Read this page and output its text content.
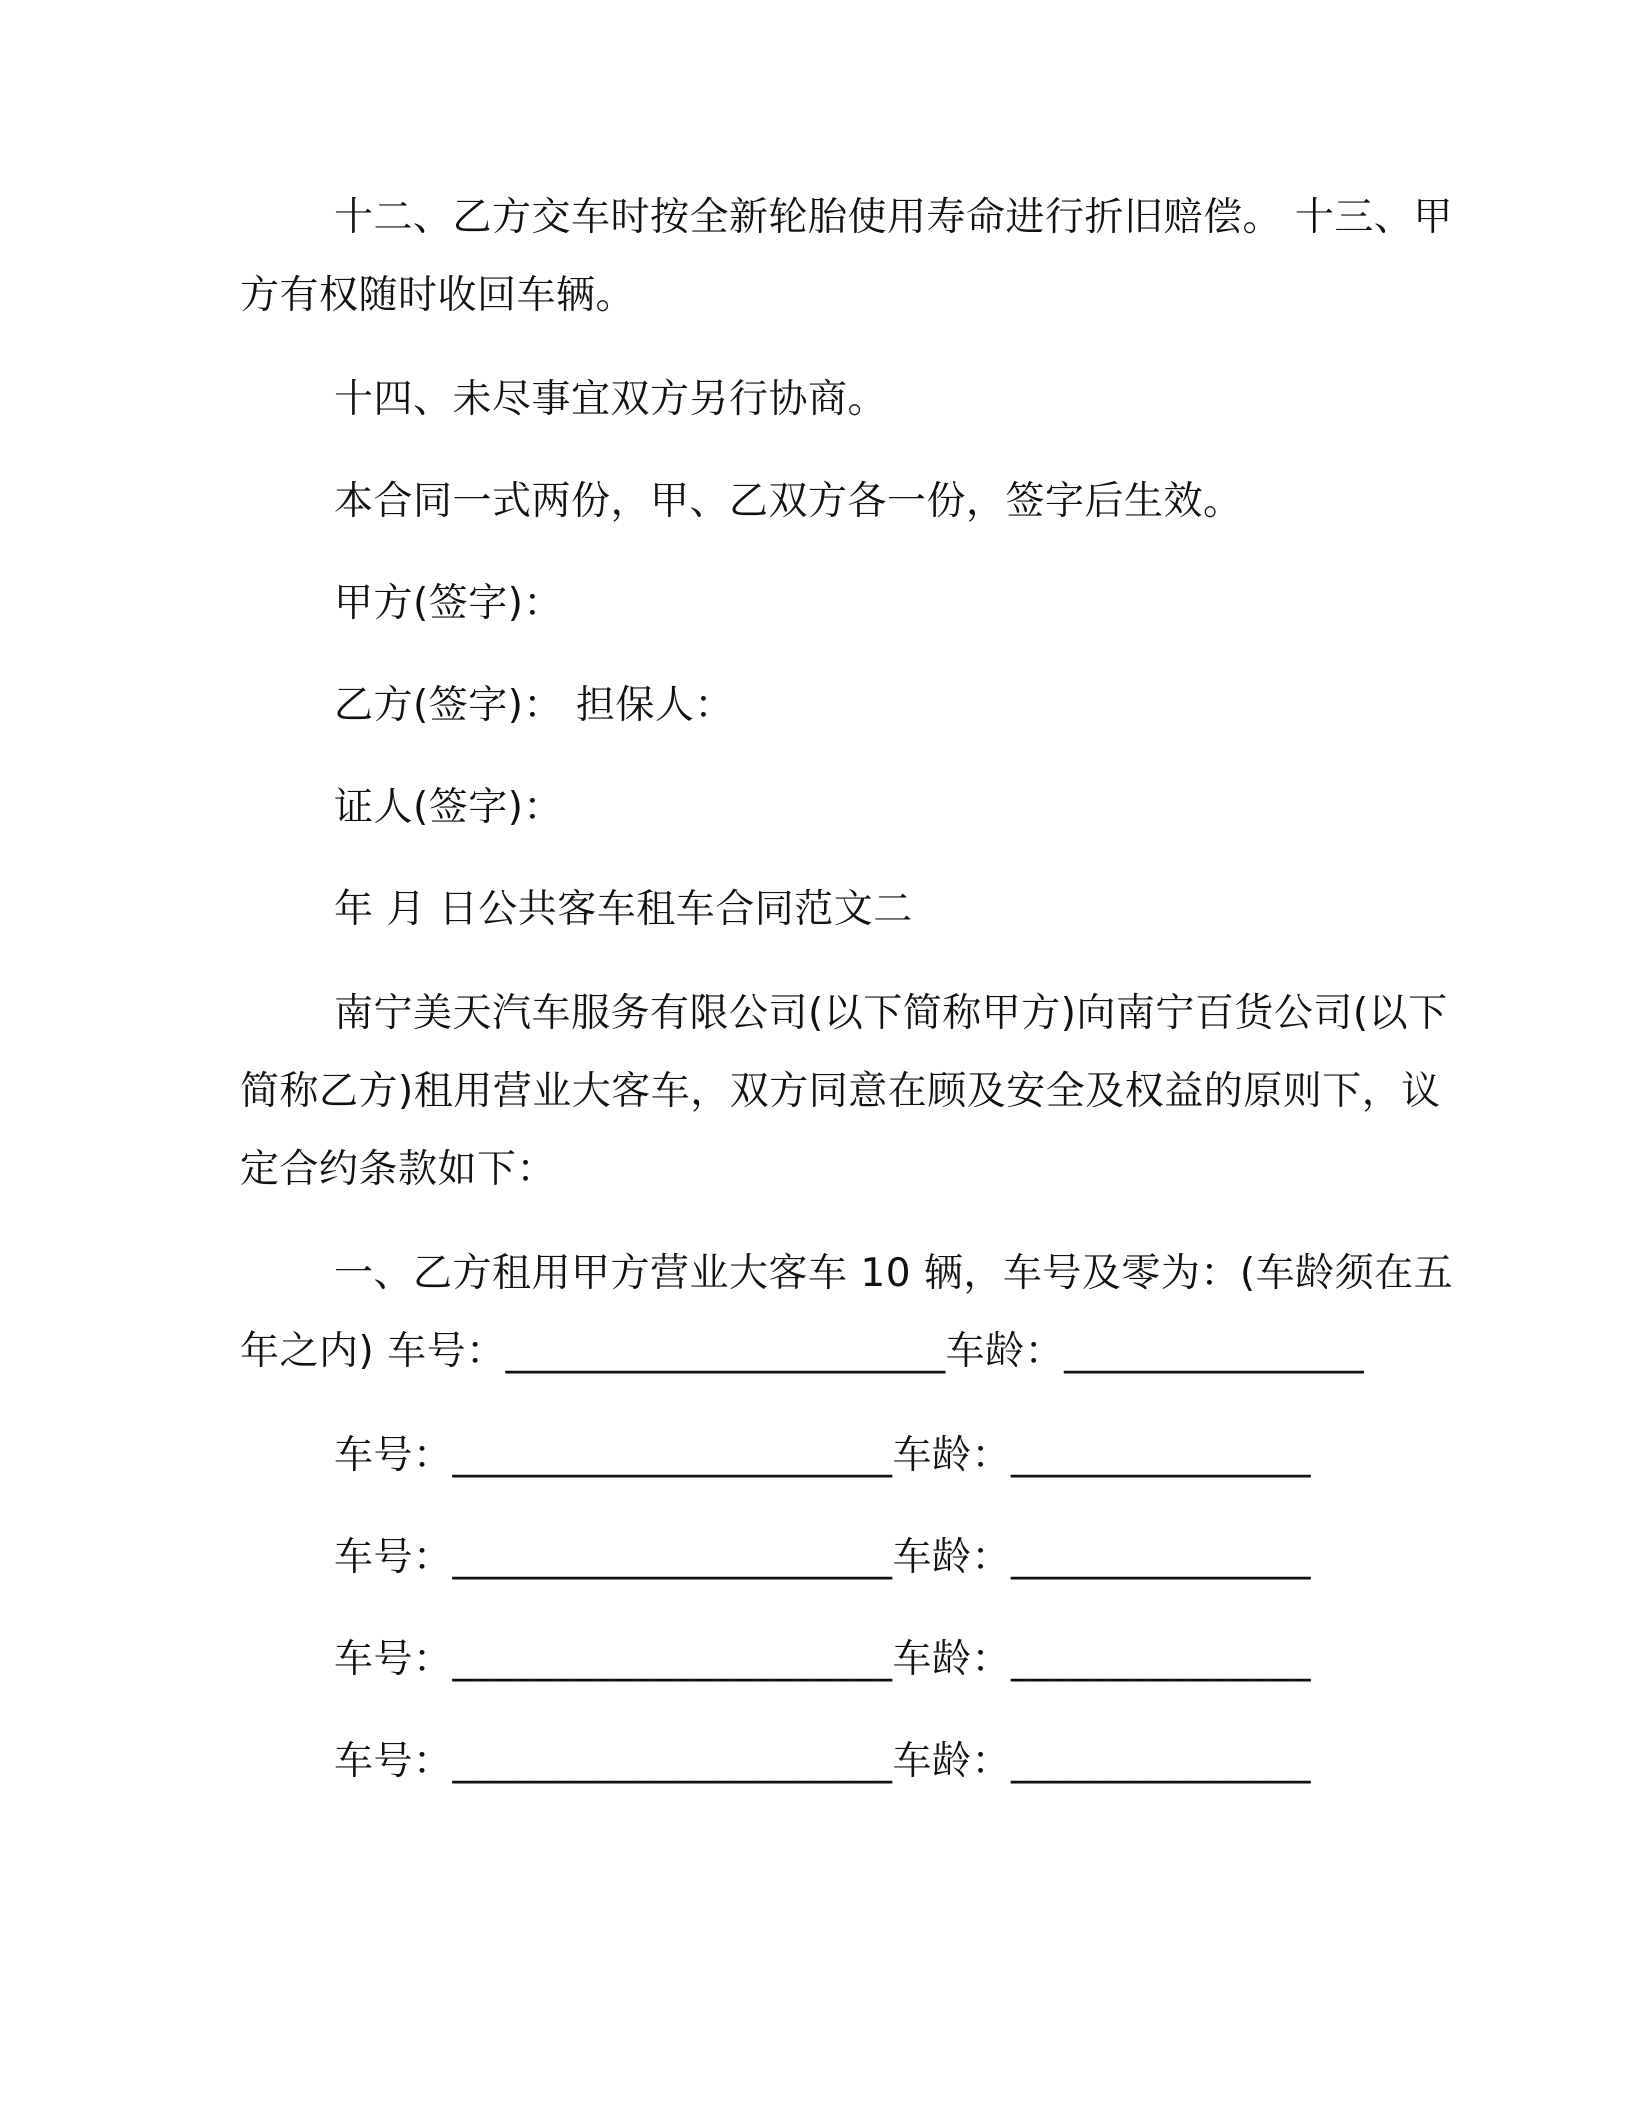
十二、乙方交车时按全新轮胎使用寿命进行折旧赔偿。 十三、甲
方有权随时收回车辆。
十四、未尽事宜双方另行协商。
本合同一式两份，甲、乙双方各一份，签字后生效。
甲方(签字)：
乙方(签字)： 担保人：
证人(签字)：
年 月 日公共客车租车合同范文二
南宁美天汽车服务有限公司(以下简称甲方)向南宁百货公司(以下
简称乙方)租用营业大客车，双方同意在顾及安全及权益的原则下，议
定合约条款如下：
一、乙方租用甲方营业大客车 10 辆，车号及零为：(车龄须在五
年之内) 车号：______________________车龄：_______________
车号：______________________车龄：_______________
车号：______________________车龄：_______________
车号：______________________车龄：_______________
车号：______________________车龄：_______________
